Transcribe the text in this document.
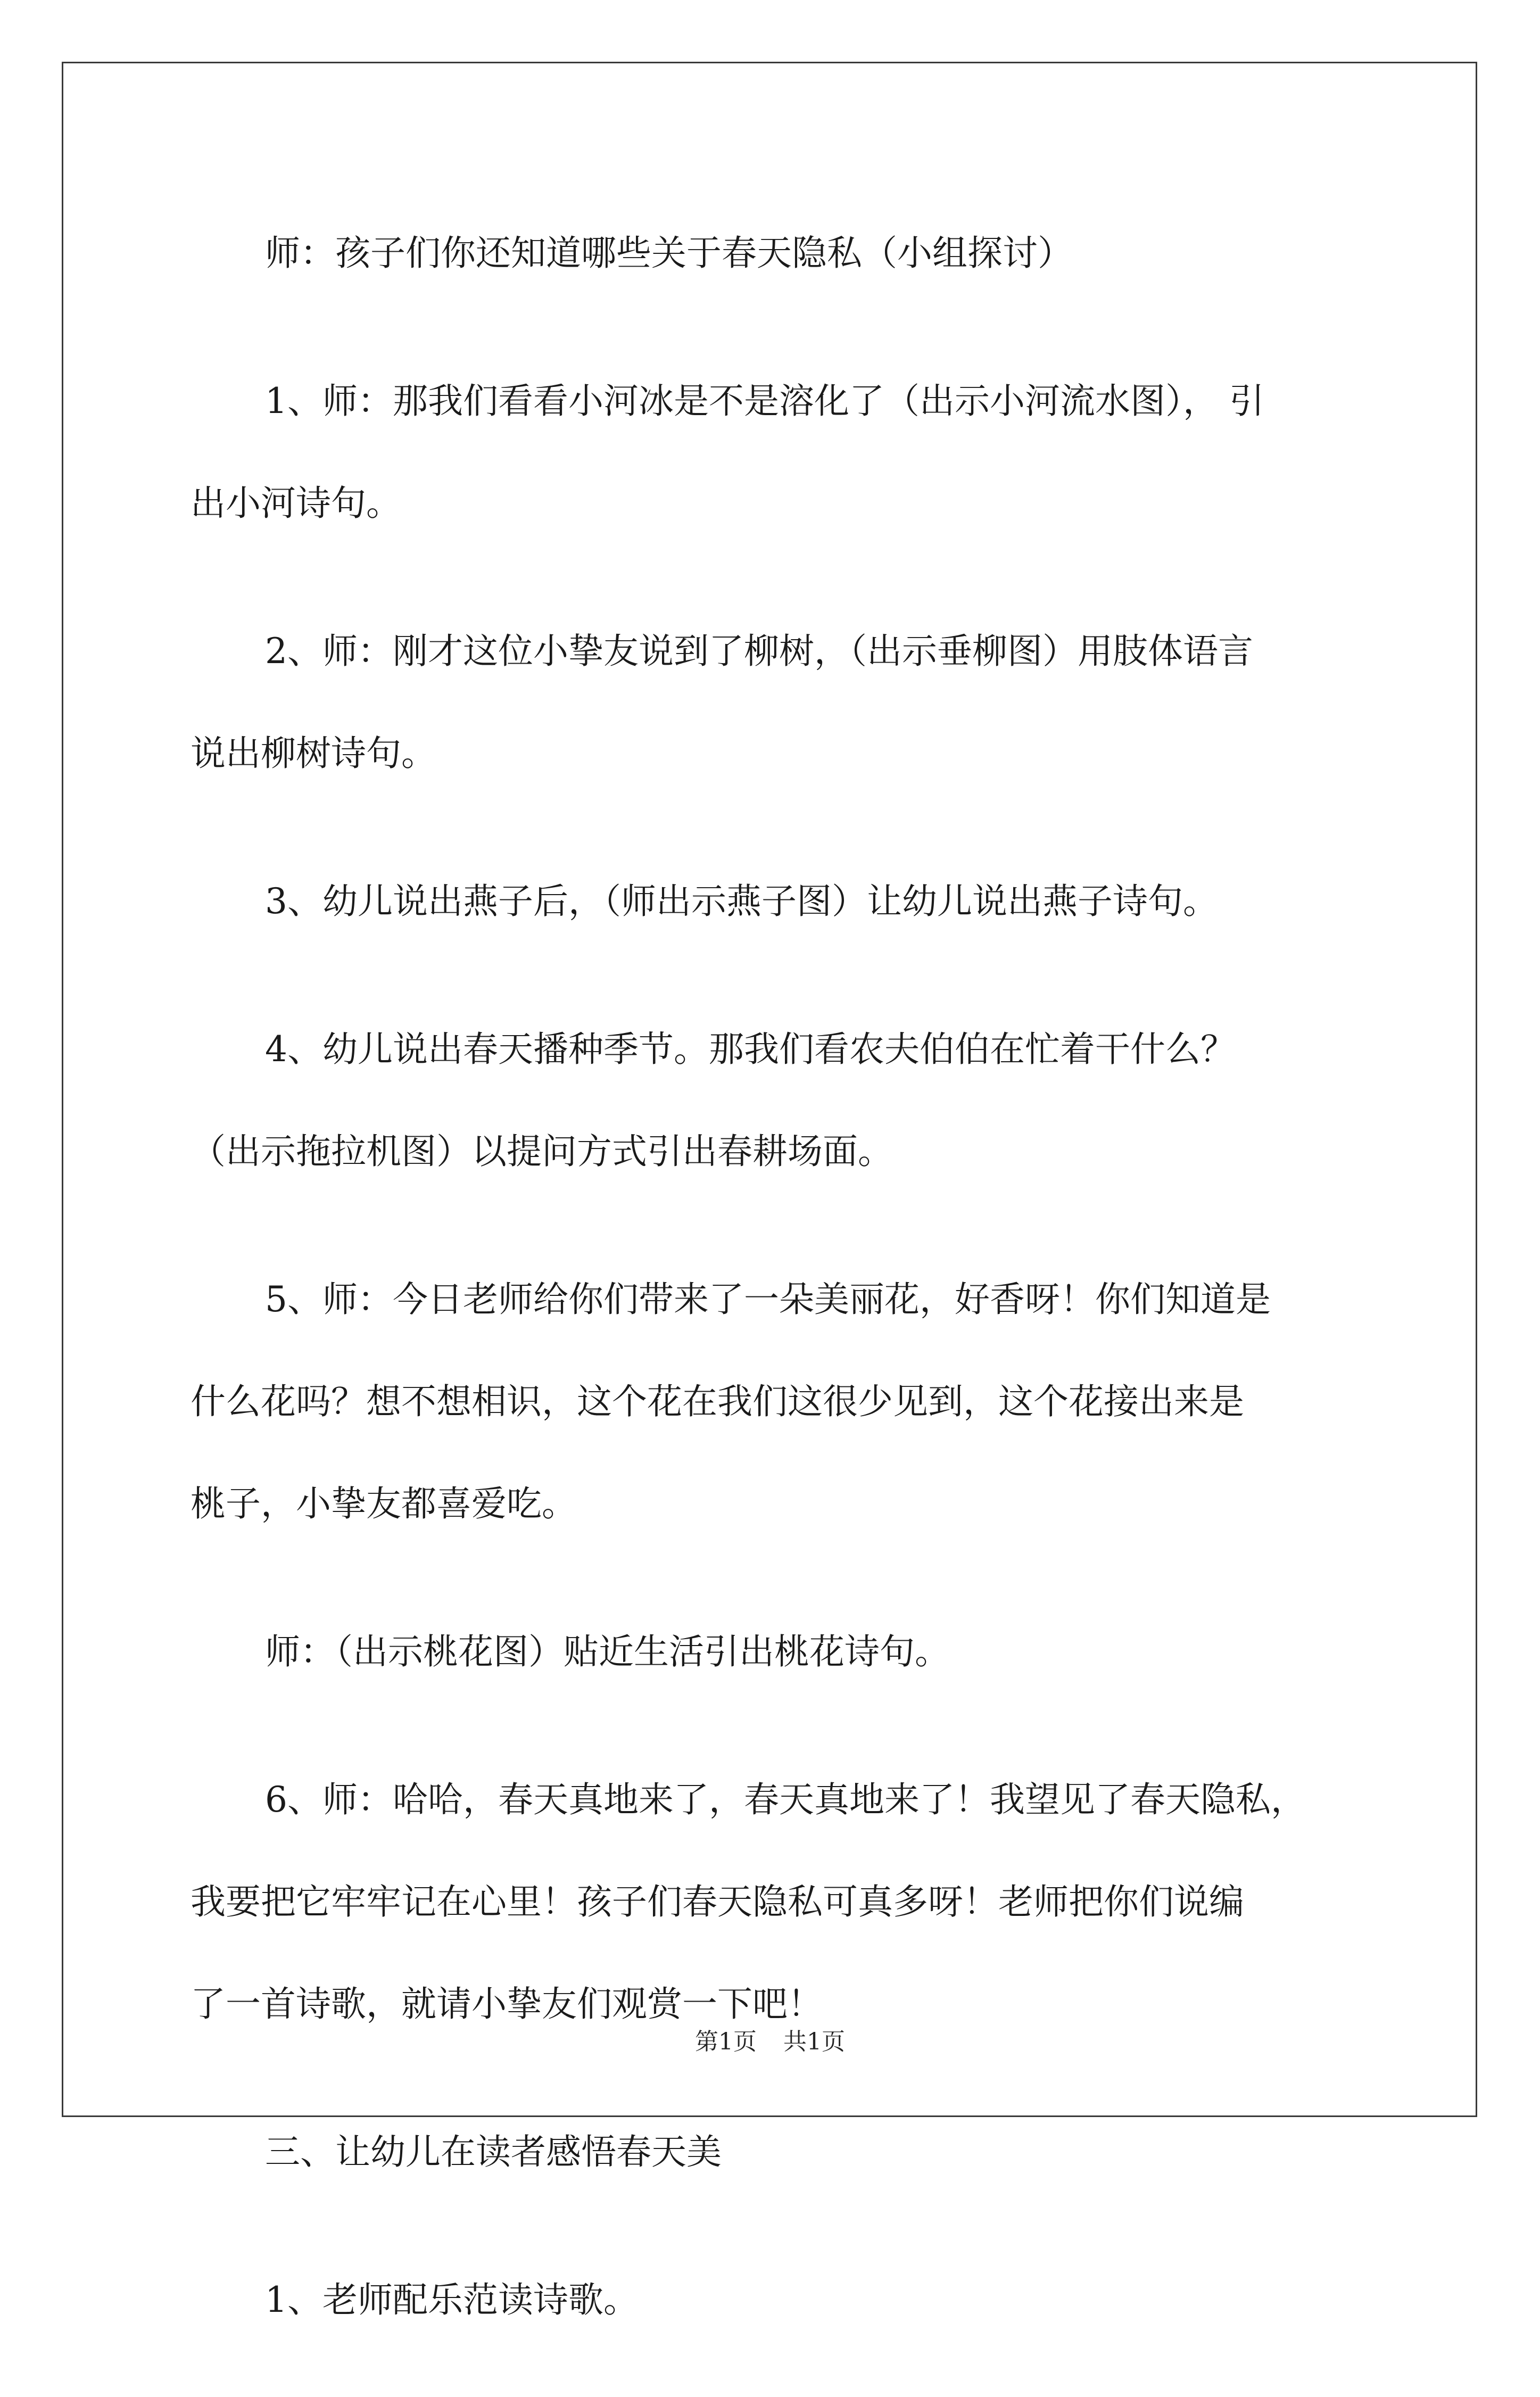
师：孩子们你还知道哪些关于春天隐私（小组探讨）

1、师：那我们看看小河冰是不是溶化了（出示小河流水图）， 引
出小河诗句。

2、师：刚才这位小挚友说到了柳树，（出示垂柳图）用肢体语言
说出柳树诗句。

3、幼儿说出燕子后，（师出示燕子图）让幼儿说出燕子诗句。

4、幼儿说出春天播种季节。那我们看农夫伯伯在忙着干什么？
（出示拖拉机图）以提问方式引出春耕场面。

5、师：今日老师给你们带来了一朵美丽花，好香呀！你们知道是
什么花吗？想不想相识，这个花在我们这很少见到，这个花接出来是
桃子，小挚友都喜爱吃。

师：（出示桃花图）贴近生活引出桃花诗句。

6、师：哈哈，春天真地来了，春天真地来了！我望见了春天隐私，
我要把它牢牢记在心里！孩子们春天隐私可真多呀！老师把你们说编
了一首诗歌，就请小挚友们观赏一下吧！

三、让幼儿在读者感悟春天美

1、老师配乐范读诗歌。

第1页 共1页
